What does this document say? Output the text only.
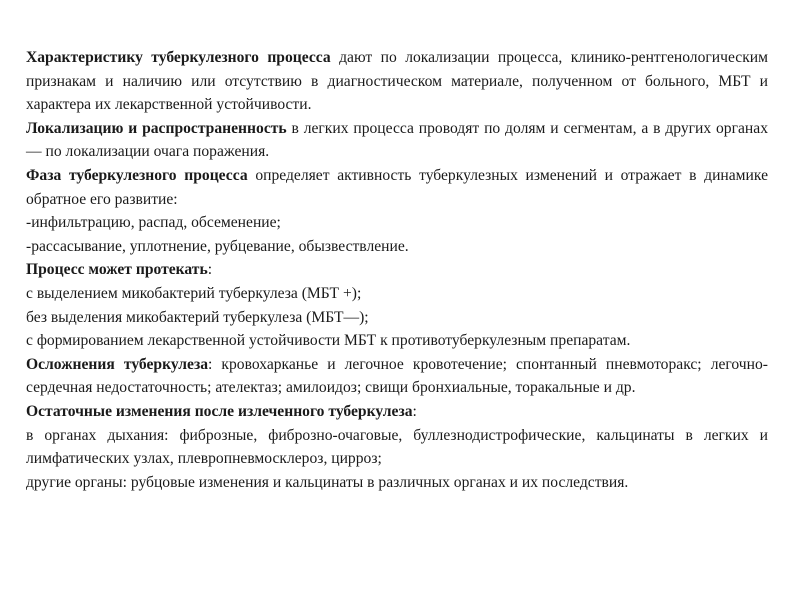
Характеристику туберкулезного процесса дают по локализации процесса, клинико-рентгенологическим признакам и наличию или отсутствию в диагностическом материале, полученном от больного, МБТ и характера их лекарственной устойчивости.

Локализацию и распространенность в легких процесса проводят по долям и сегментам, а в других органах — по локализации очага поражения.

Фаза туберкулезного процесса определяет активность туберкулезных изменений и отражает в динамике обратное его развитие:

-инфильтрацию, распад, обсеменение;

-рассасывание, уплотнение, рубцевание, обызвествление.

Процесс может протекать:

с выделением микобактерий туберкулеза (МБТ +);

без выделения микобактерий туберкулеза (МБТ—);

с формированием лекарственной устойчивости МБТ к противотуберкулезным препаратам.

Осложнения туберкулеза: кровохарканье и легочное кровотечение; спонтанный пневмоторакс; легочно-сердечная недостаточность; ателектаз; амилоидоз; свищи бронхиальные, торакальные и др.

Остаточные изменения после излеченного туберкулеза:

в органах дыхания: фиброзные, фиброзно-очаговые, буллезнодистрофические, кальцинаты в легких и лимфатических узлах, плевропневмосклероз, цирроз;

другие органы: рубцовые изменения и кальцинаты в различных органах и их последствия.
